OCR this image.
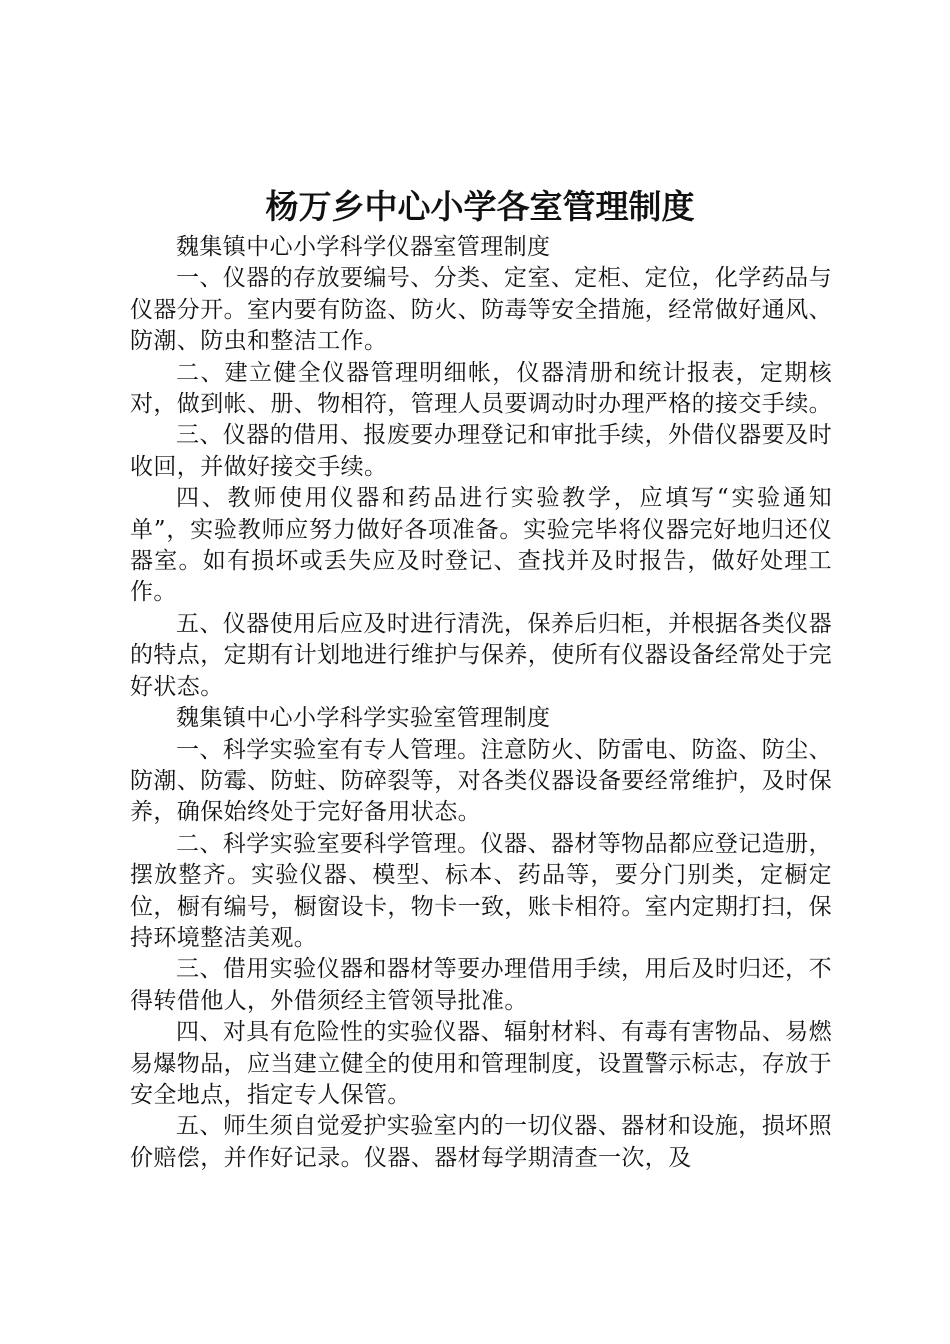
杨万乡中心小学各室管理制度

魏集镇中心小学科学仪器室管理制度

一、仪器的存放要编号、分类、定室、定柜、定位，化学药品与仪器分开。室内要有防盗、防火、防毒等安全措施，经常做好通风、防潮、防虫和整洁工作。

二、建立健全仪器管理明细帐，仪器清册和统计报表，定期核对，做到帐、册、物相符，管理人员要调动时办理严格的接交手续。

三、仪器的借用、报废要办理登记和审批手续，外借仪器要及时收回，并做好接交手续。

四、教师使用仪器和药品进行实验教学，应填写“实验通知单”，实验教师应努力做好各项准备。实验完毕将仪器完好地归还仪器室。如有损坏或丢失应及时登记、查找并及时报告，做好处理工作。

五、仪器使用后应及时进行清洗，保养后归柜，并根据各类仪器的特点，定期有计划地进行维护与保养，使所有仪器设备经常处于完好状态。

魏集镇中心小学科学实验室管理制度

一、科学实验室有专人管理。注意防火、防雷电、防盗、防尘、防潮、防霉、防蛀、防碎裂等，对各类仪器设备要经常维护，及时保养，确保始终处于完好备用状态。

二、科学实验室要科学管理。仪器、器材等物品都应登记造册，摆放整齐。实验仪器、模型、标本、药品等，要分门别类，定橱定位，橱有编号，橱窗设卡，物卡一致，账卡相符。室内定期打扫，保持环境整洁美观。

三、借用实验仪器和器材等要办理借用手续，用后及时归还，不得转借他人，外借须经主管领导批准。

四、对具有危险性的实验仪器、辐射材料、有毒有害物品、易燃易爆物品，应当建立健全的使用和管理制度，设置警示标志，存放于安全地点，指定专人保管。

五、师生须自觉爱护实验室内的一切仪器、器材和设施，损坏照价赔偿，并作好记录。仪器、器材每学期清查一次，及
